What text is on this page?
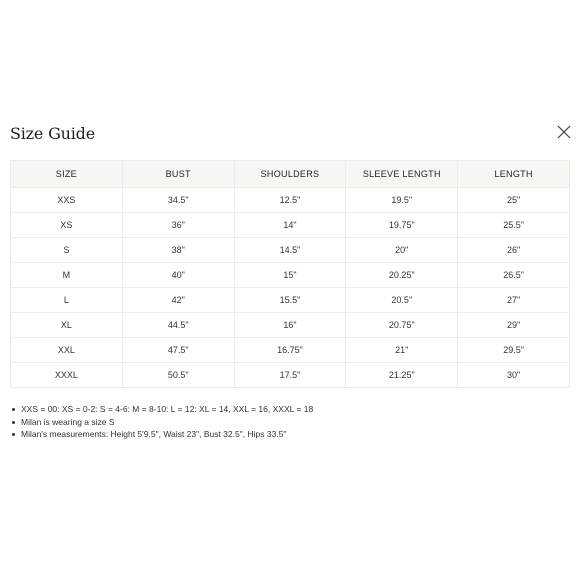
Size Guide
SIZE	BUST	SHOULDERS	SLEEVE LENGTH	LENGTH
XXS	34.5"	12.5"	19.5"	25"
XS	36"	14"	19.75"	25.5"
S	38"	14.5"	20"	26"
M	40"	15"	20.25"	26.5"
L	42"	15.5"	20.5"	27"
XL	44.5"	16"	20.75"	29"
XXL	47.5"	16.75"	21"	29.5"
XXXL	50.5"	17.5"	21.25"	30"
XXS = 00: XS = 0-2: S = 4-6: M = 8-10: L = 12: XL = 14, XXL = 16, XXXL = 18
Milan is wearing a size S
Milan's measurements: Height 5'9.5", Waist 23", Bust 32.5", Hips 33.5"
